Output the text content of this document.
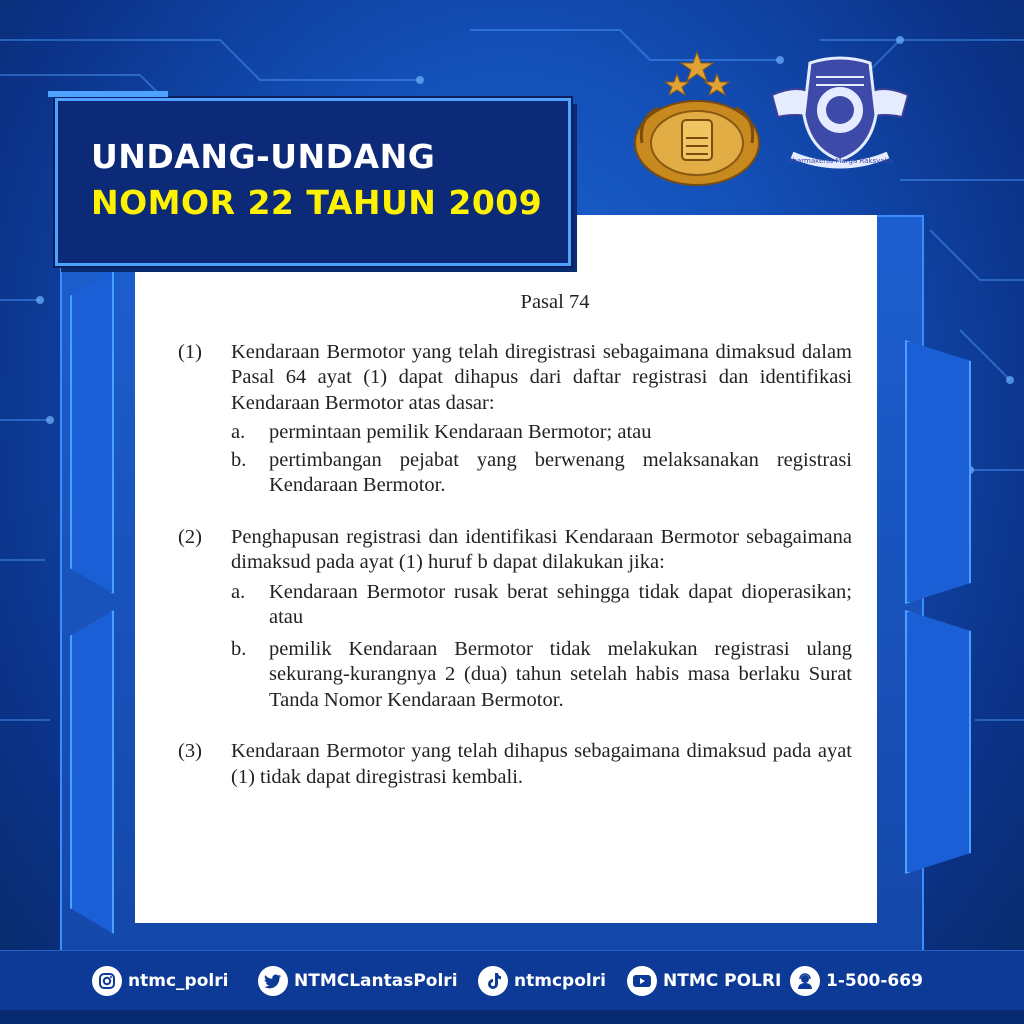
UNDANG-UNDANG
NOMOR 22 TAHUN 2009
Dharmakerta Marga Raksyaka
Pasal 74
(1) Kendaraan Bermotor yang telah diregistrasi sebagaimana dimaksud dalam Pasal 64 ayat (1) dapat dihapus dari daftar registrasi dan identifikasi Kendaraan Bermotor atas dasar:
a. permintaan pemilik Kendaraan Bermotor; atau
b. pertimbangan pejabat yang berwenang melaksanakan registrasi Kendaraan Bermotor.
(2) Penghapusan registrasi dan identifikasi Kendaraan Bermotor sebagaimana dimaksud pada ayat (1) huruf b dapat dilakukan jika:
a. Kendaraan Bermotor rusak berat sehingga tidak dapat dioperasikan; atau
b. pemilik Kendaraan Bermotor tidak melakukan registrasi ulang sekurang-kurangnya 2 (dua) tahun setelah habis masa berlaku Surat Tanda Nomor Kendaraan Bermotor.
(3) Kendaraan Bermotor yang telah dihapus sebagaimana dimaksud pada ayat (1) tidak dapat diregistrasi kembali.
ntmc_polri	NTMCLantasPolri	ntmcpolri	NTMC POLRI	1-500-669
